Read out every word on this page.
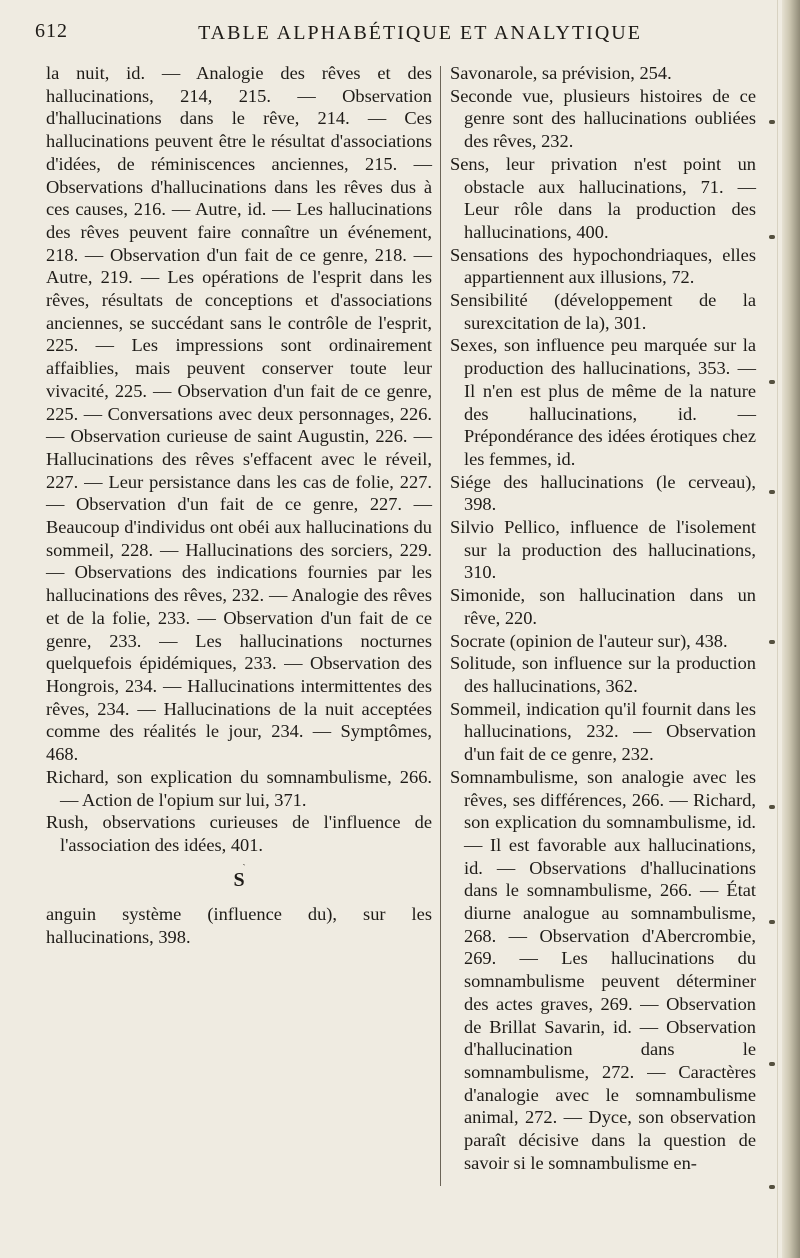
612	TABLE ALPHABÉTIQUE ET ANALYTIQUE

la nuit, id. — Analogie des rêves et des hallucinations, 214, 215. — Observation d'hallucinations dans le rêve, 214. — Ces hallucinations peuvent être le résultat d'associations d'idées, de réminiscences anciennes, 215. — Observations d'hallucinations dans les rêves dus à ces causes, 216. — Autre, id. — Les hallucinations des rêves peuvent faire connaître un événement, 218. — Observation d'un fait de ce genre, 218. — Autre, 219. — Les opérations de l'esprit dans les rêves, résultats de conceptions et d'associations anciennes, se succédant sans le contrôle de l'esprit, 225. — Les impressions sont ordinairement affaiblies, mais peuvent conserver toute leur vivacité, 225. — Observation d'un fait de ce genre, 225. — Conversations avec deux personnages, 226. — Observation curieuse de saint Augustin, 226. — Hallucinations des rêves s'effacent avec le réveil, 227. — Leur persistance dans les cas de folie, 227. — Observation d'un fait de ce genre, 227. — Beaucoup d'individus ont obéi aux hallucinations du sommeil, 228. — Hallucinations des sorciers, 229. — Observations des indications fournies par les hallucinations des rêves, 232. — Analogie des rêves et de la folie, 233. — Observation d'un fait de ce genre, 233. — Les hallucinations nocturnes quelquefois épidémiques, 233. — Observation des Hongrois, 234. — Hallucinations intermittentes des rêves, 234. — Hallucinations de la nuit acceptées comme des réalités le jour, 234. — Symptômes, 468.

Richard, son explication du somnambulisme, 266. — Action de l'opium sur lui, 371.

Rush, observations curieuses de l'influence de l'association des idées, 401.

ˎ

S

anguin système (influence du), sur les hallucinations, 398.

Savonarole, sa prévision, 254.

Seconde vue, plusieurs histoires de ce genre sont des hallucinations oubliées des rêves, 232.

Sens, leur privation n'est point un obstacle aux hallucinations, 71. — Leur rôle dans la production des hallucinations, 400.

Sensations des hypochondriaques, elles appartiennent aux illusions, 72.

Sensibilité (développement de la surexcitation de la), 301.

Sexes, son influence peu marquée sur la production des hallucinations, 353. — Il n'en est plus de même de la nature des hallucinations, id. — Prépondérance des idées érotiques chez les femmes, id.

Siége des hallucinations (le cerveau), 398.

Silvio Pellico, influence de l'isolement sur la production des hallucinations, 310.

Simonide, son hallucination dans un rêve, 220.

Socrate (opinion de l'auteur sur), 438.

Solitude, son influence sur la production des hallucinations, 362.

Sommeil, indication qu'il fournit dans les hallucinations, 232. — Observation d'un fait de ce genre, 232.

Somnambulisme, son analogie avec les rêves, ses différences, 266. — Richard, son explication du somnambulisme, id. — Il est favorable aux hallucinations, id. — Observations d'hallucinations dans le somnambulisme, 266. — État diurne analogue au somnambulisme, 268. — Observation d'Abercrombie, 269. — Les hallucinations du somnambulisme peuvent déterminer des actes graves, 269. — Observation de Brillat Savarin, id. — Observation d'hallucination dans le somnambulisme, 272. — Caractères d'analogie avec le somnambulisme animal, 272. — Dyce, son observation paraît décisive dans la question de savoir si le somnambulisme en-
